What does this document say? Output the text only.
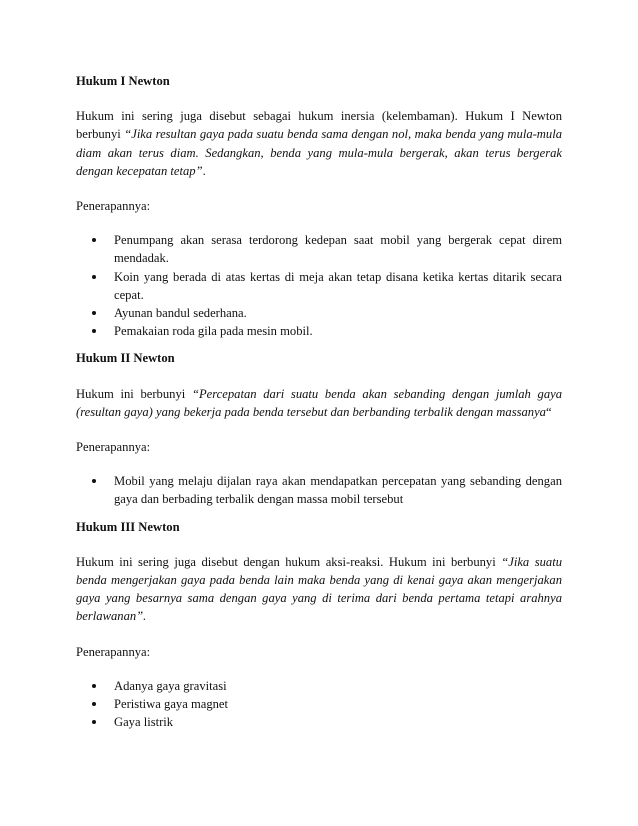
Hukum I Newton
Hukum ini sering juga disebut sebagai hukum inersia (kelembaman). Hukum I Newton berbunyi “Jika resultan gaya pada suatu benda sama dengan nol, maka benda yang mula-mula diam akan terus diam. Sedangkan, benda yang mula-mula bergerak, akan terus bergerak dengan kecepatan tetap”.
Penerapannya:
Penumpang akan serasa terdorong kedepan saat mobil yang bergerak cepat direm mendadak.
Koin yang berada di atas kertas di meja akan tetap disana ketika kertas ditarik secara cepat.
Ayunan bandul sederhana.
Pemakaian roda gila pada mesin mobil.
Hukum II Newton
Hukum ini berbunyi “Percepatan dari suatu benda akan sebanding dengan jumlah gaya (resultan gaya) yang bekerja pada benda tersebut dan berbanding terbalik dengan massanya“
Penerapannya:
Mobil yang melaju dijalan raya akan mendapatkan percepatan yang sebanding dengan gaya dan berbading terbalik dengan massa mobil tersebut
Hukum III Newton
Hukum ini sering juga disebut dengan hukum aksi-reaksi. Hukum ini berbunyi “Jika suatu benda mengerjakan gaya pada benda lain maka benda yang di kenai gaya akan mengerjakan gaya yang besarnya sama dengan gaya yang di terima dari benda pertama tetapi arahnya berlawanan”.
Penerapannya:
Adanya gaya gravitasi
Peristiwa gaya magnet
Gaya listrik
